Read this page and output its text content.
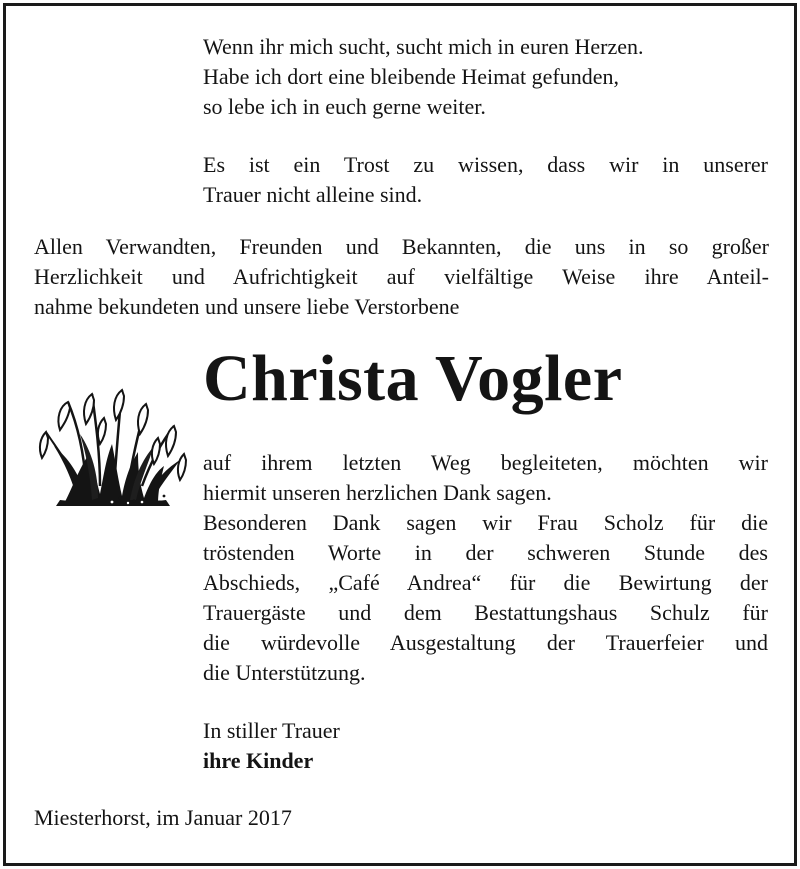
Wenn ihr mich sucht, sucht mich in euren Herzen.

Habe ich dort eine bleibende Heimat gefunden,

so lebe ich in euch gerne weiter.

Es ist ein Trost zu wissen, dass wir in unserer

Trauer nicht alleine sind.

Allen Verwandten, Freunden und Bekannten, die uns in so großer

Herzlichkeit und Aufrichtigkeit auf vielfältige Weise ihre Anteil-

nahme bekundeten und unsere liebe Verstorbene

Christa Vogler

auf ihrem letzten Weg begleiteten, möchten wir

hiermit unseren herzlichen Dank sagen.

Besonderen Dank sagen wir Frau Scholz für die

tröstenden Worte in der schweren Stunde des

Abschieds, „Café Andrea“ für die Bewirtung der

Trauergäste und dem Bestattungshaus Schulz für

die würdevolle Ausgestaltung der Trauerfeier und

die Unterstützung.

In stiller Trauer

ihre Kinder

Miesterhorst, im Januar 2017
